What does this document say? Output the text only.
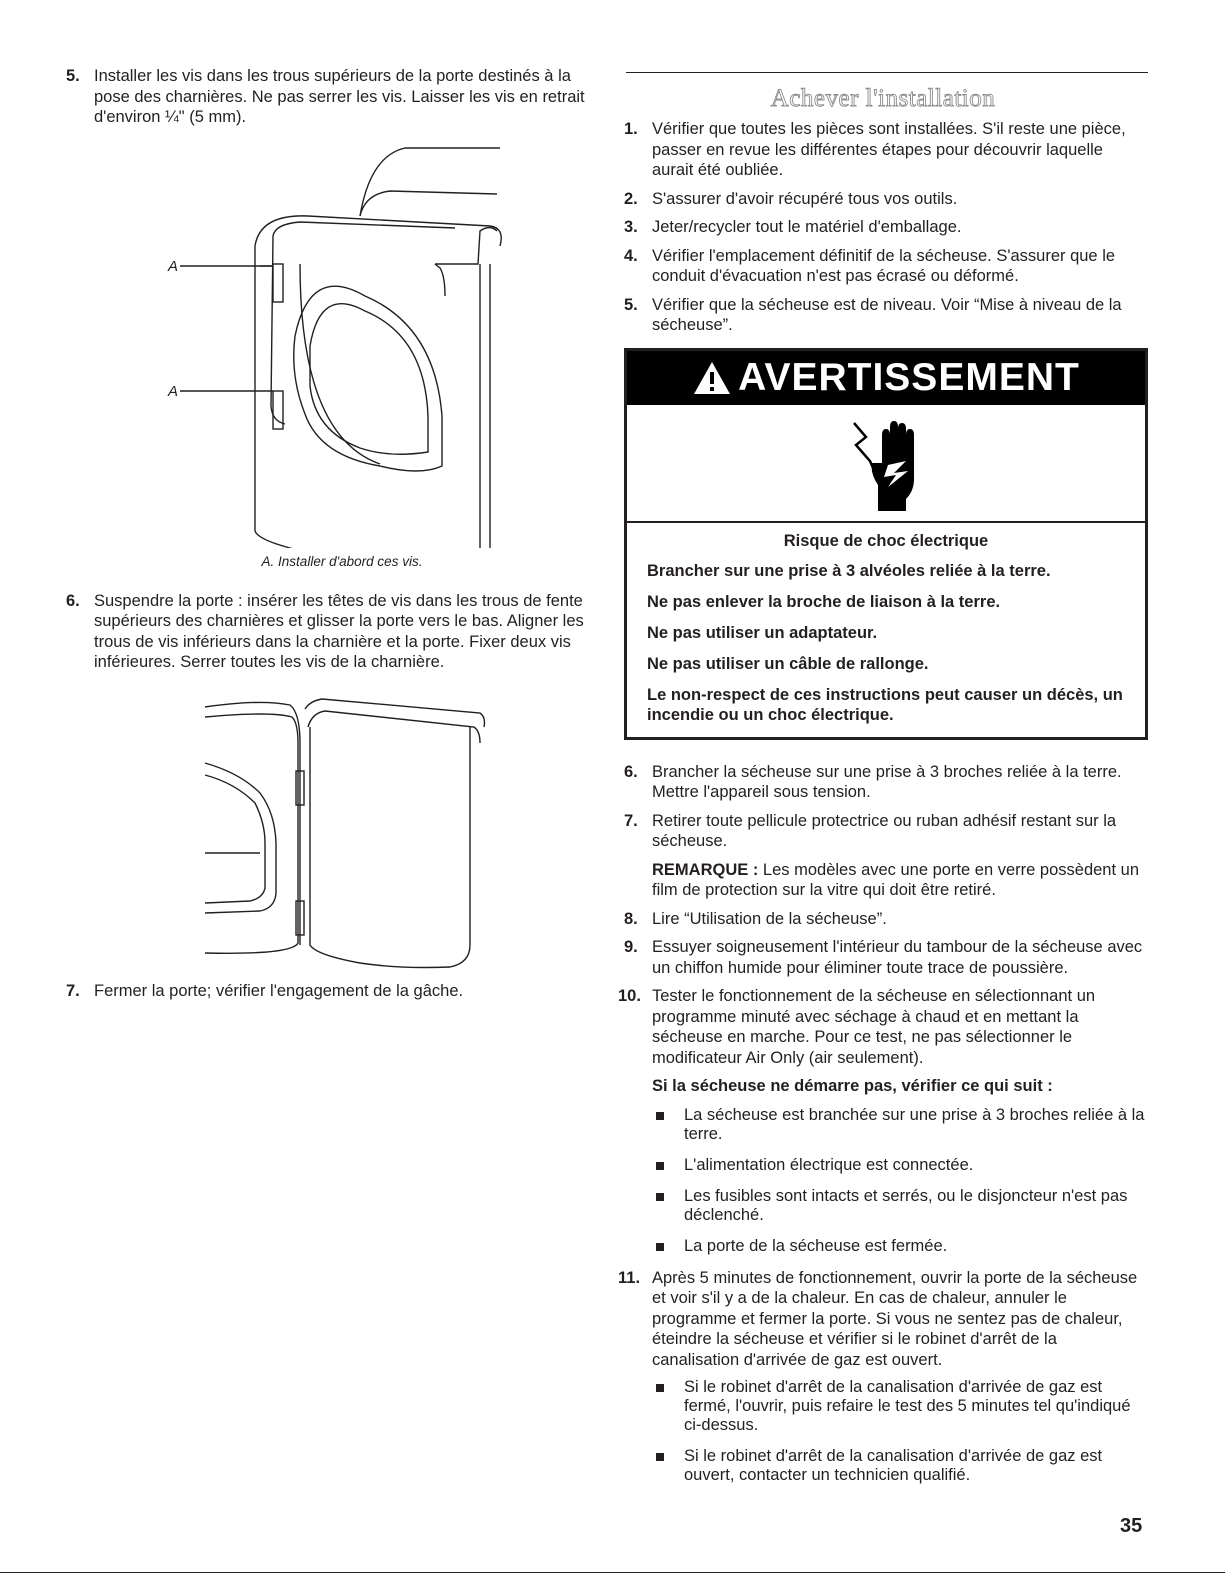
5. Installer les vis dans les trous supérieurs de la porte destinés à la pose des charnières. Ne pas serrer les vis. Laisser les vis en retrait d'environ ¼" (5 mm).
A
A
A. Installer d'abord ces vis.
6. Suspendre la porte : insérer les têtes de vis dans les trous de fente supérieurs des charnières et glisser la porte vers le bas. Aligner les trous de vis inférieurs dans la charnière et la porte. Fixer deux vis inférieures. Serrer toutes les vis de la charnière.
7. Fermer la porte; vérifier l'engagement de la gâche.
Achever l'installation
1. Vérifier que toutes les pièces sont installées. S'il reste une pièce, passer en revue les différentes étapes pour découvrir laquelle aurait été oubliée.
2. S'assurer d'avoir récupéré tous vos outils.
3. Jeter/recycler tout le matériel d'emballage.
4. Vérifier l'emplacement définitif de la sécheuse. S'assurer que le conduit d'évacuation n'est pas écrasé ou déformé.
5. Vérifier que la sécheuse est de niveau. Voir “Mise à niveau de la sécheuse”.
AVERTISSEMENT
Risque de choc électrique
Brancher sur une prise à 3 alvéoles reliée à la terre.
Ne pas enlever la broche de liaison à la terre.
Ne pas utiliser un adaptateur.
Ne pas utiliser un câble de rallonge.
Le non-respect de ces instructions peut causer un décès, un incendie ou un choc électrique.
6. Brancher la sécheuse sur une prise à 3 broches reliée à la terre. Mettre l'appareil sous tension.
7. Retirer toute pellicule protectrice ou ruban adhésif restant sur la sécheuse.
REMARQUE : Les modèles avec une porte en verre possèdent un film de protection sur la vitre qui doit être retiré.
8. Lire “Utilisation de la sécheuse”.
9. Essuyer soigneusement l'intérieur du tambour de la sécheuse avec un chiffon humide pour éliminer toute trace de poussière.
10. Tester le fonctionnement de la sécheuse en sélectionnant un programme minuté avec séchage à chaud et en mettant la sécheuse en marche. Pour ce test, ne pas sélectionner le modificateur Air Only (air seulement).
Si la sécheuse ne démarre pas, vérifier ce qui suit :
La sécheuse est branchée sur une prise à 3 broches reliée à la terre.
L'alimentation électrique est connectée.
Les fusibles sont intacts et serrés, ou le disjoncteur n'est pas déclenché.
La porte de la sécheuse est fermée.
11. Après 5 minutes de fonctionnement, ouvrir la porte de la sécheuse et voir s'il y a de la chaleur. En cas de chaleur, annuler le programme et fermer la porte. Si vous ne sentez pas de chaleur, éteindre la sécheuse et vérifier si le robinet d'arrêt de la canalisation d'arrivée de gaz est ouvert.
Si le robinet d'arrêt de la canalisation d'arrivée de gaz est fermé, l'ouvrir, puis refaire le test des 5 minutes tel qu'indiqué ci-dessus.
Si le robinet d'arrêt de la canalisation d'arrivée de gaz est ouvert, contacter un technicien qualifié.
35
